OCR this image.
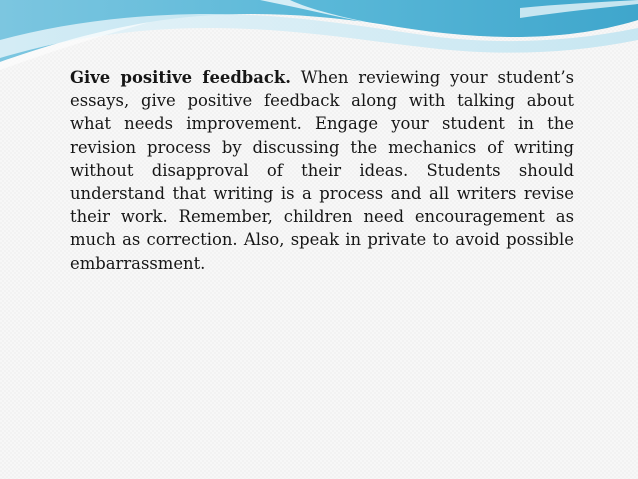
Give positive feedback. When reviewing your student’s essays, give positive feedback along with talking about what needs improvement. Engage your student in the revision process by discussing the mechanics of writing without disapproval of their ideas. Students should understand that writing is a process and all writers revise their work. Remember, children need encouragement as much as correction. Also, speak in private to avoid possible embarrassment.
